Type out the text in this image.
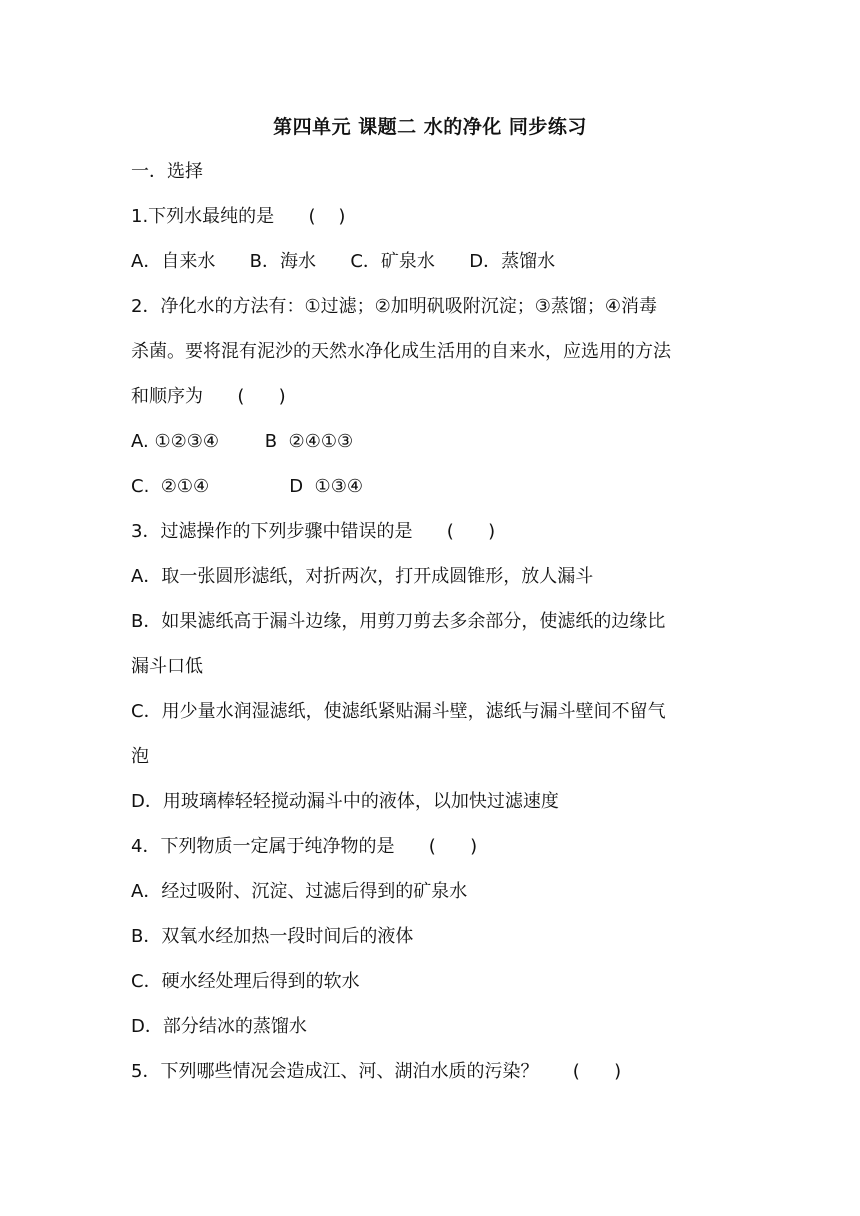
第四单元 课题二 水的净化 同步练习
一．选择
1.下列水最纯的是      (    )
A．自来水      B．海水      C．矿泉水      D．蒸馏水
2．净化水的方法有：①过滤；②加明矾吸附沉淀；③蒸馏；④消毒
杀菌。要将混有泥沙的天然水净化成生活用的自来水，应选用的方法
和顺序为      (      )
A. ①②③④        B  ②④①③
C.  ②①④              D  ①③④
3．过滤操作的下列步骤中错误的是      (      )
A．取一张圆形滤纸，对折两次，打开成圆锥形，放人漏斗
B．如果滤纸高于漏斗边缘，用剪刀剪去多余部分，使滤纸的边缘比
漏斗口低
C．用少量水润湿滤纸，使滤纸紧贴漏斗壁，滤纸与漏斗壁间不留气
泡
D．用玻璃棒轻轻搅动漏斗中的液体，以加快过滤速度
4．下列物质一定属于纯净物的是      (      )
A．经过吸附、沉淀、过滤后得到的矿泉水
B．双氧水经加热一段时间后的液体
C．硬水经处理后得到的软水
D．部分结冰的蒸馏水
5．下列哪些情况会造成江、河、湖泊水质的污染？      (      )
